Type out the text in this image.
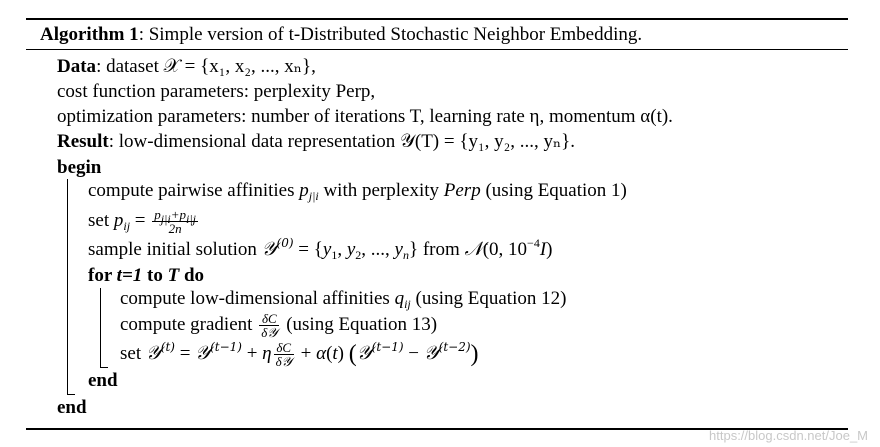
Algorithm 1: Simple version of t-Distributed Stochastic Neighbor Embedding.
Data: dataset 𝒳 = {x₁, x₂, ..., xₙ},
cost function parameters: perplexity Perp,
optimization parameters: number of iterations T, learning rate η, momentum α(t).
Result: low-dimensional data representation 𝒴(T) = {y₁, y₂, ..., yₙ}.
begin
compute pairwise affinities $p_{j|i}$ with perplexity Perp (using Equation 1)
set $p_{ij} = \frac{p_{j|i}+p_{i|j}}{2n}$
sample initial solution 𝒴$^{(0)}$ = {$y_1$, $y_2$, ..., $y_n$} from 𝒩(0, $10^{-4}I$)
for t=1 to T do
compute low-dimensional affinities $q_{ij}$ (using Equation 12)
compute gradient $\frac{\delta C}{\text{δ𝒴}} (using$ Equation 13)
set 𝒴$^{(t)}$ = 𝒴$^{(t-1)}$ + η $\frac{\delta C}{\text{δ𝒴}} + \alpha(t)$ (𝒴$^{(t-1)}$ − 𝒴$^{(t-2)}$)
end
end
https://blog.csdn.net/Joe_M
